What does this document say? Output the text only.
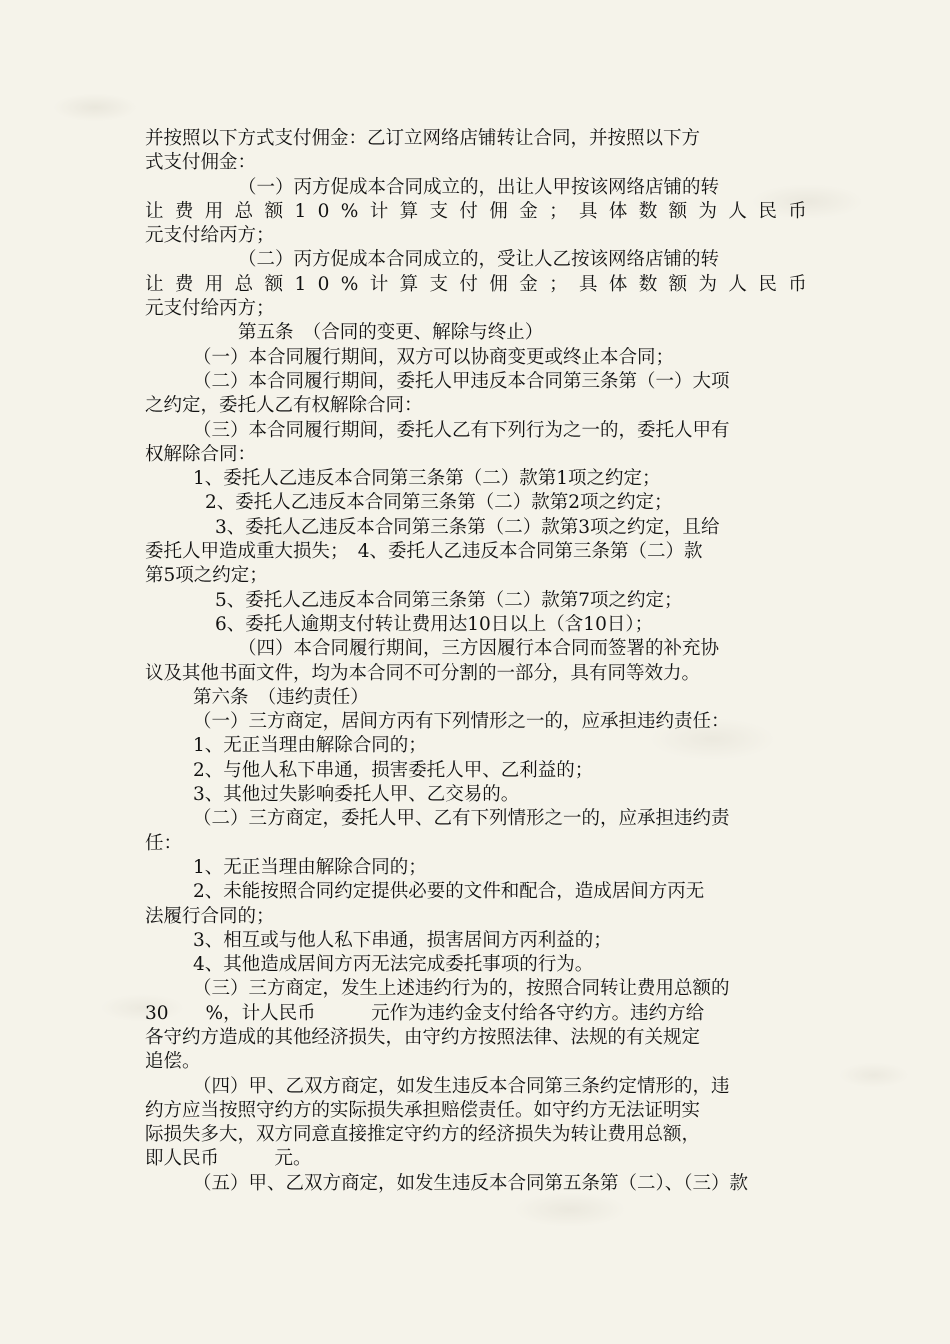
并按照以下方式支付佣金：乙订立网络店铺转让合同，并按照以下方
式支付佣金：
（一）丙方促成本合同成立的，出让人甲按该网络店铺的转
让 费 用 总 额 1 0 % 计 算 支 付 佣 金 ； 具 体 数 额 为 人 民 币
元支付给丙方；
（二）丙方促成本合同成立的，受让人乙按该网络店铺的转
让 费 用 总 额 1 0 % 计 算 支 付 佣 金 ； 具 体 数 额 为 人 民 币
元支付给丙方；
第五条　（合同的变更、解除与终止）
（一）本合同履行期间，双方可以协商变更或终止本合同；
（二）本合同履行期间，委托人甲违反本合同第三条第（一）大项
之约定，委托人乙有权解除合同：
（三）本合同履行期间，委托人乙有下列行为之一的，委托人甲有
权解除合同：
1、委托人乙违反本合同第三条第（二）款第1项之约定；
2、委托人乙违反本合同第三条第（二）款第2项之约定；
3、委托人乙违反本合同第三条第（二）款第3项之约定，且给
委托人甲造成重大损失；　4、委托人乙违反本合同第三条第（二）款
第5项之约定；
5、委托人乙违反本合同第三条第（二）款第7项之约定；
6、委托人逾期支付转让费用达10日以上（含10日）；
（四）本合同履行期间，三方因履行本合同而签署的补充协
议及其他书面文件，均为本合同不可分割的一部分，具有同等效力。
第六条　（违约责任）
（一）三方商定，居间方丙有下列情形之一的，应承担违约责任：
1、无正当理由解除合同的；
2、与他人私下串通，损害委托人甲、乙利益的；
3、其他过失影响委托人甲、乙交易的。
（二）三方商定，委托人甲、乙有下列情形之一的，应承担违约责
任：
1、无正当理由解除合同的；
2、未能按照合同约定提供必要的文件和配合，造成居间方丙无
法履行合同的；
3、相互或与他人私下串通，损害居间方丙利益的；
4、其他造成居间方丙无法完成委托事项的行为。
（三）三方商定，发生上述违约行为的，按照合同转让费用总额的
30　　%，计人民币　　　元作为违约金支付给各守约方。违约方给
各守约方造成的其他经济损失，由守约方按照法律、法规的有关规定
追偿。
（四）甲、乙双方商定，如发生违反本合同第三条约定情形的，违
约方应当按照守约方的实际损失承担赔偿责任。如守约方无法证明实
际损失多大，双方同意直接推定守约方的经济损失为转让费用总额，
即人民币　　　元。
（五）甲、乙双方商定，如发生违反本合同第五条第（二）、（三）款
